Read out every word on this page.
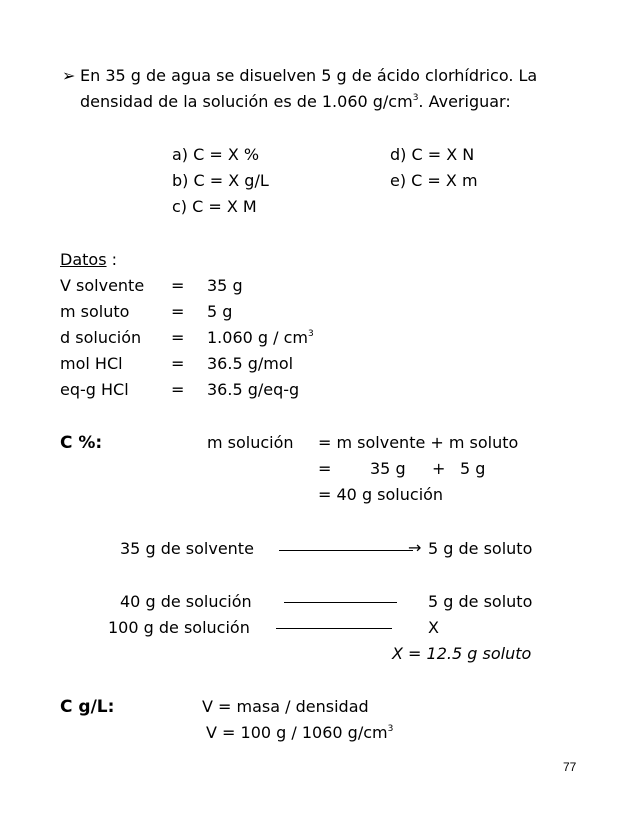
➢ En 35 g de agua se disuelven 5 g de ácido clorhídrico. La
densidad de la solución es de 1.060 $g/cm^3$. Averiguar:
a) C = X %
b) C = X g/L
c) C = X M
d) C = X N
e) C = X m
Datos :
V solvente = 35 g
m soluto	= 5 g
d solución = 1.060 g / $cm^3$
mol HCl	= 36.5 g/mol
eq-g HCl	= 36.5 g/eq-g
C %:	m solución = m solvente + m soluto
= 35 g + 5 g
= 40 g solución
35 g de solvente	→ 5 g de soluto
40 g de solución	5 g de soluto
100 g de solución	X
X = 12.5 g soluto
C g/L:	V = masa / densidad
V = 100 g / 1060 $g/cm^3$
77
